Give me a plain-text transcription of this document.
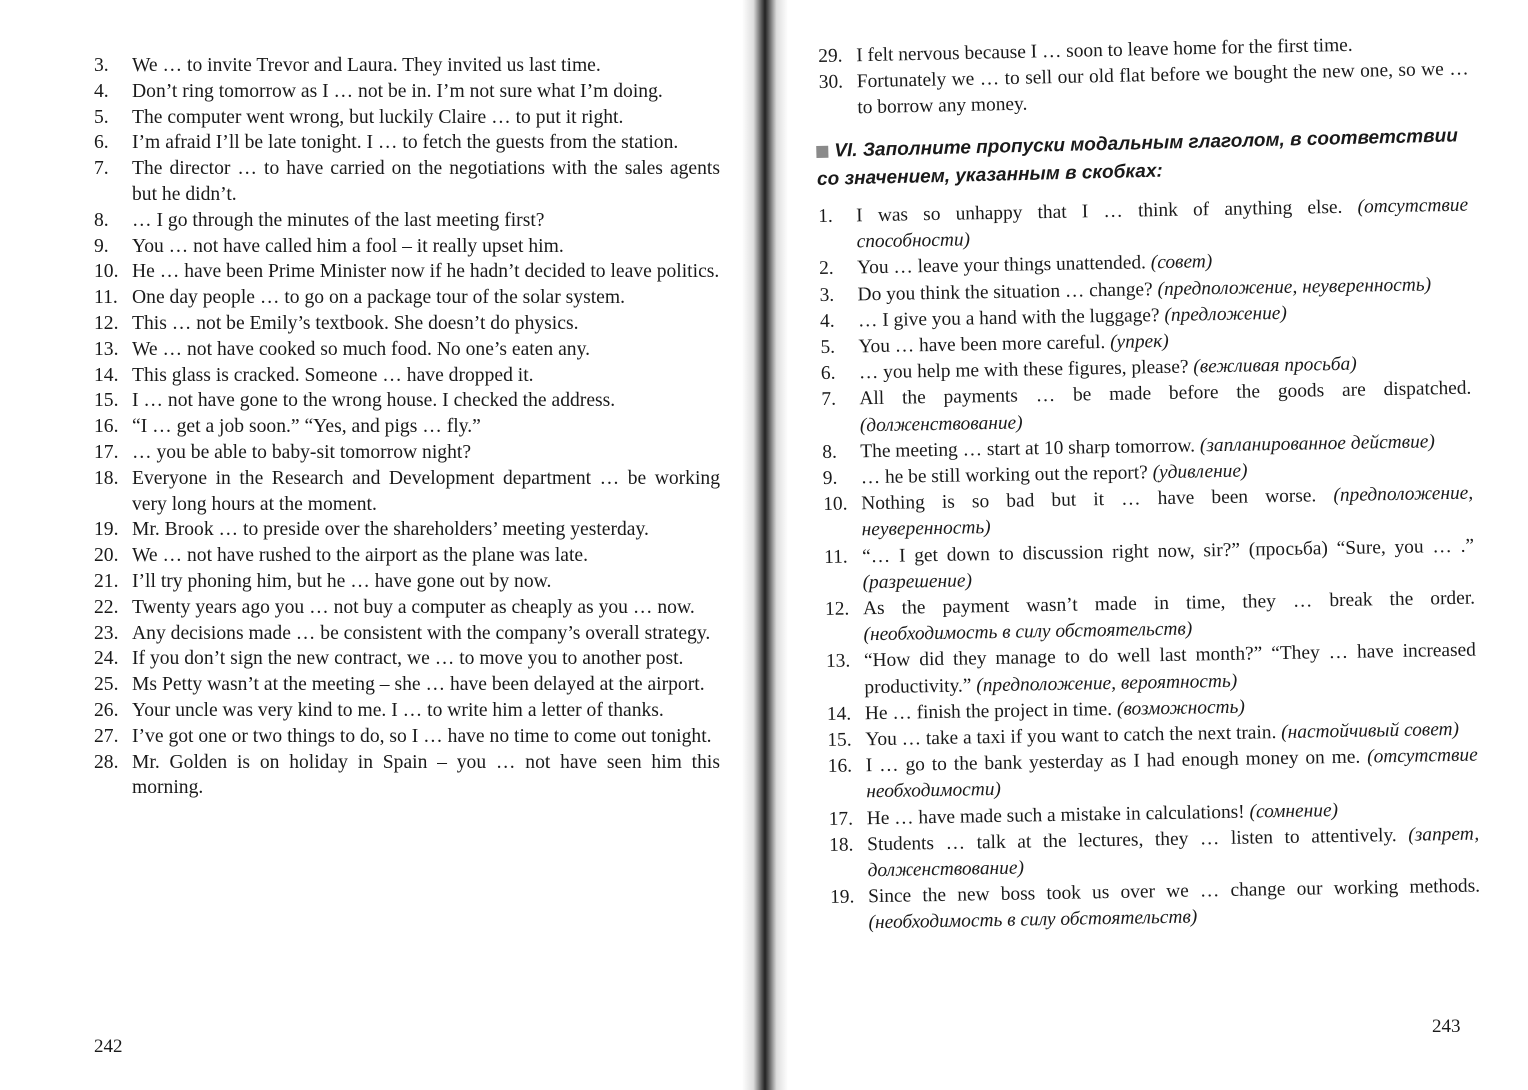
3.	We … to invite Trevor and Laura. They invited us last time.
4.	Don’t ring tomorrow as I … not be in. I’m not sure what I’m doing.
5.	The computer went wrong, but luckily Claire … to put it right.
6.	I’m afraid I’ll be late tonight. I … to fetch the guests from the station.
7.	The director … to have carried on the negotiations with the sales agents but he didn’t.
8.	… I go through the minutes of the last meeting first?
9.	You … not have called him a fool – it really upset him.
10. He … have been Prime Minister now if he hadn’t decided to leave politics.
11. One day people … to go on a package tour of the solar system.
12. This … not be Emily’s textbook. She doesn’t do physics.
13. We … not have cooked so much food. No one’s eaten any.
14. This glass is cracked. Someone … have dropped it.
15. I … not have gone to the wrong house. I checked the address.
16. “I … get a job soon.” “Yes, and pigs … fly.”
17. … you be able to baby-sit tomorrow night?
18. Everyone in the Research and Development department … be working very long hours at the moment.
19. Mr. Brook … to preside over the shareholders’ meeting yesterday.
20. We … not have rushed to the airport as the plane was late.
21. I’ll try phoning him, but he … have gone out by now.
22. Twenty years ago you … not buy a computer as cheaply as you … now.
23. Any decisions made … be consistent with the company’s overall strategy.
24. If you don’t sign the new contract, we … to move you to another post.
25. Ms Petty wasn’t at the meeting – she … have been delayed at the airport.
26. Your uncle was very kind to me. I … to write him a letter of thanks.
27. I’ve got one or two things to do, so I … have no time to come out tonight.
28. Mr. Golden is on holiday in Spain – you … not have seen him this morning.
242
29. I felt nervous because I … soon to leave home for the first time.
30. Fortunately we … to sell our old flat before we bought the new one, so we … to borrow any money.
VI. Заполните пропуски модальным глаголом, в соответствии со значением, указанным в скобках:
1.	I was so unhappy that I … think of anything else. (отсутствие способности)
2.	You … leave your things unattended. (совет)
3.	Do you think the situation … change? (предположение, неуверенность)
4.	… I give you a hand with the luggage? (предложение)
5.	You … have been more careful. (упрек)
6.	… you help me with these figures, please? (вежливая просьба)
7.	All the payments … be made before the goods are dispatched. (долженствование)
8.	The meeting … start at 10 sharp tomorrow. (запланированное действие)
9.	… he be still working out the report? (удивление)
10. Nothing is so bad but it … have been worse. (предположение, неуверенность)
11. “… I get down to discussion right now, sir?” (просьба) “Sure, you … .” (разрешение)
12. As the payment wasn’t made in time, they … break the order. (необходимость в силу обстоятельств)
13. “How did they manage to do well last month?” “They … have increased productivity.” (предположение, вероятность)
14. He … finish the project in time. (возможность)
15. You … take a taxi if you want to catch the next train. (настойчивый совет)
16. I … go to the bank yesterday as I had enough money on me. (отсутствие необходимости)
17. He … have made such a mistake in calculations! (сомнение)
18. Students … talk at the lectures, they … listen to attentively. (запрет, долженствование)
19. Since the new boss took us over we … change our working methods. (необходимость в силу обстоятельств)
243
